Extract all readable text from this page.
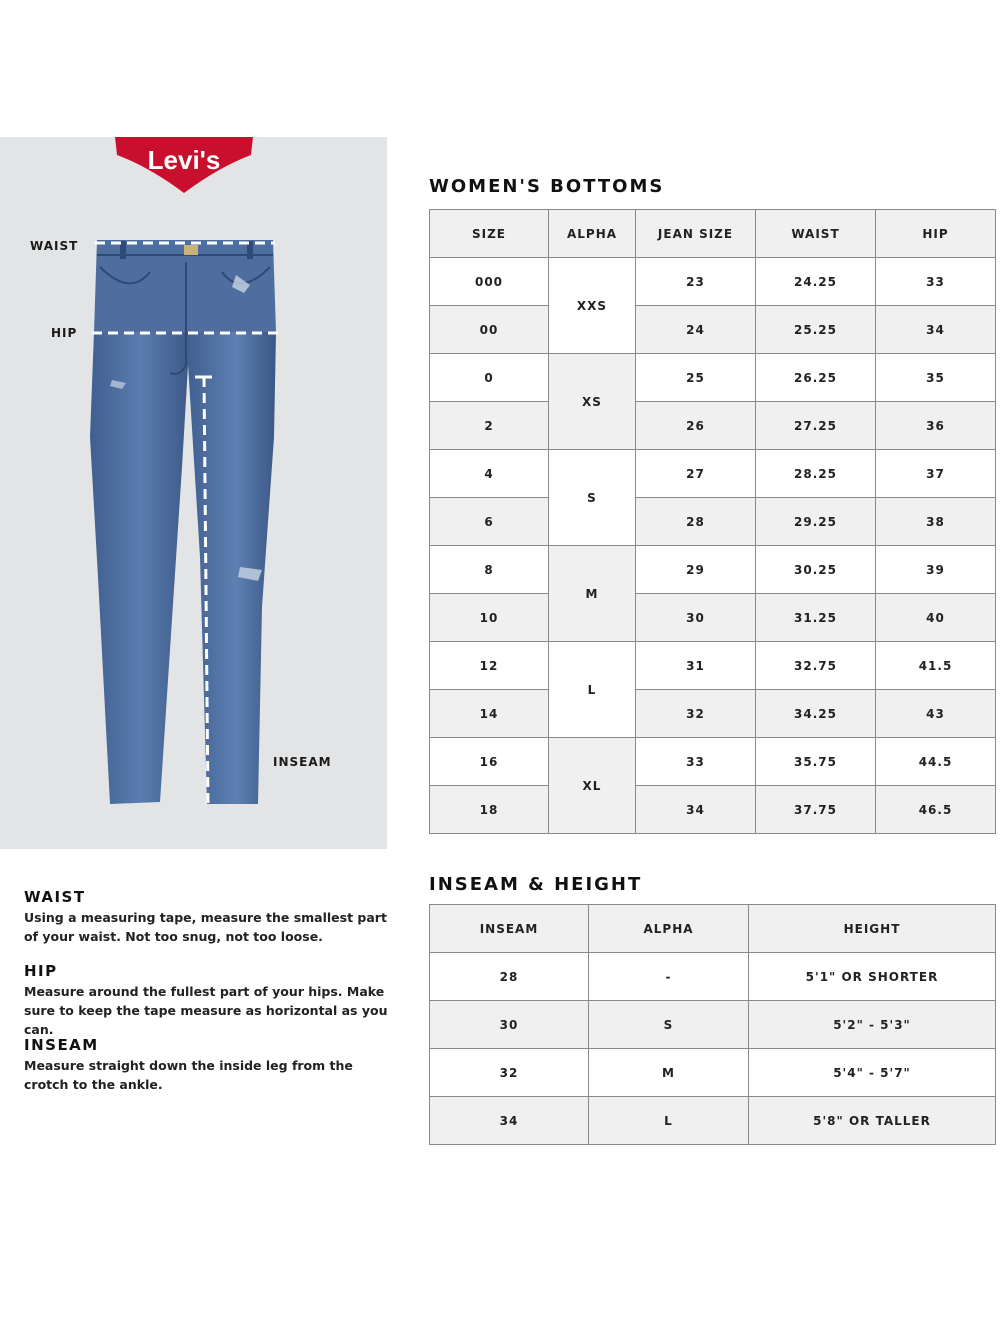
Levi's
R
WAIST
HIP
INSEAM
WOMEN'S BOTTOMS
SIZE	ALPHA	JEAN SIZE	WAIST	HIP
000	XXS	23	24.25	33
00		24	25.25	34
0	XS	25	26.25	35
2		26	27.25	36
4	S	27	28.25	37
6		28	29.25	38
8	M	29	30.25	39
10		30	31.25	40
12	L	31	32.75	41.5
14		32	34.25	43
16	XL	33	35.75	44.5
18		34	37.75	46.5
INSEAM & HEIGHT
INSEAM	ALPHA	HEIGHT
28	-	5'1" OR SHORTER
30	S	5'2" - 5'3"
32	M	5'4" - 5'7"
34	L	5'8" OR TALLER
WAIST

Using a measuring tape, measure the smallest part of your waist. Not too snug, not too loose.

HIP

Measure around the fullest part of your hips. Make sure to keep the tape measure as horizontal as you can.

INSEAM

Measure straight down the inside leg from the crotch to the ankle.
